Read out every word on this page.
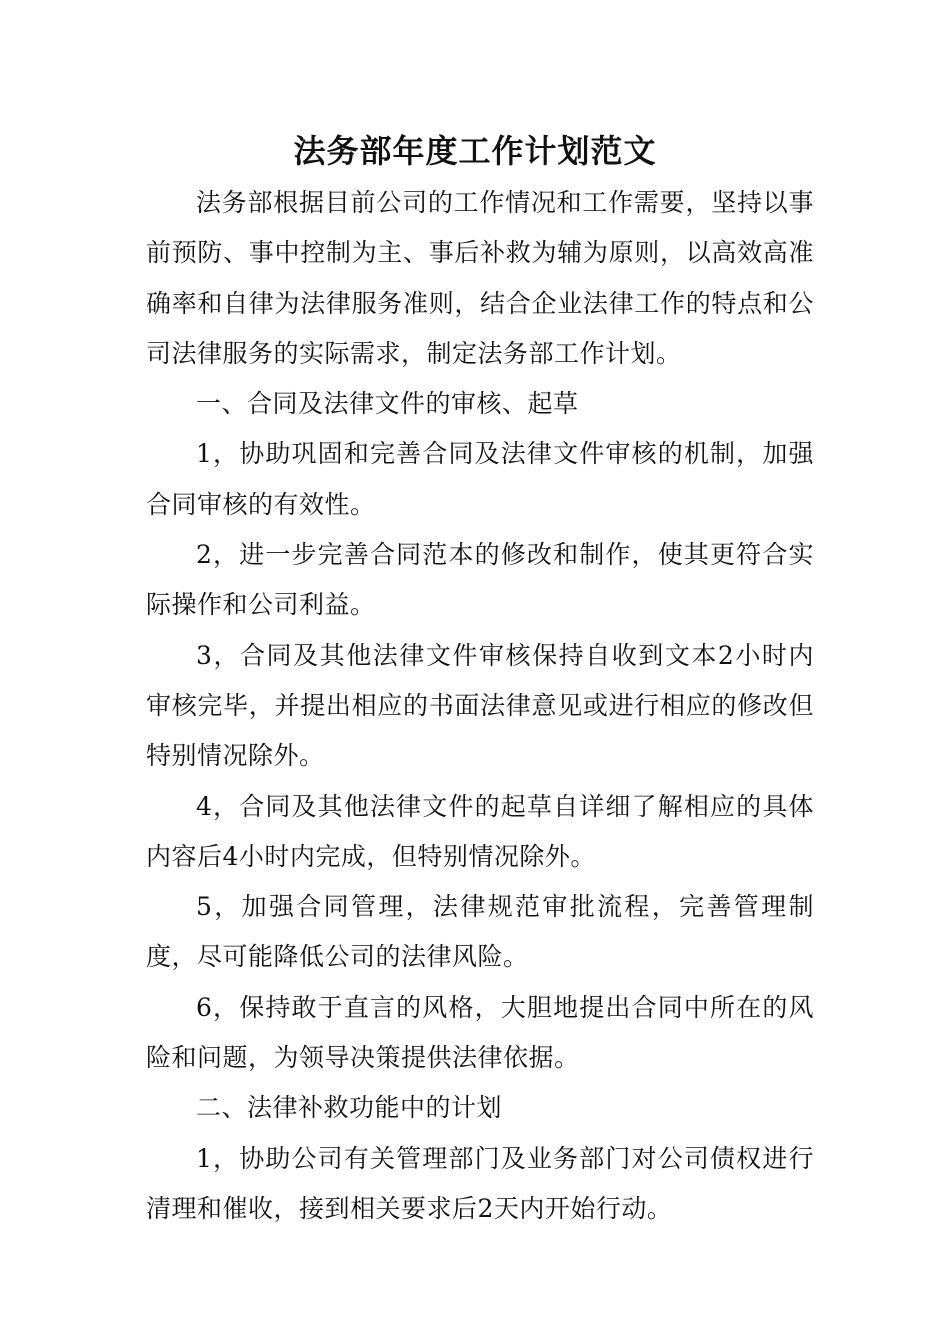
法务部年度工作计划范文

法务部根据目前公司的工作情况和工作需要，坚持以事前预防、事中控制为主、事后补救为辅为原则，以高效高准确率和自律为法律服务准则，结合企业法律工作的特点和公司法律服务的实际需求，制定法务部工作计划。

一、合同及法律文件的审核、起草

1，协助巩固和完善合同及法律文件审核的机制，加强合同审核的有效性。

2，进一步完善合同范本的修改和制作，使其更符合实际操作和公司利益。

3，合同及其他法律文件审核保持自收到文本2小时内审核完毕，并提出相应的书面法律意见或进行相应的修改但特别情况除外。

4，合同及其他法律文件的起草自详细了解相应的具体内容后4小时内完成，但特别情况除外。

5，加强合同管理，法律规范审批流程，完善管理制度，尽可能降低公司的法律风险。

6，保持敢于直言的风格，大胆地提出合同中所在的风险和问题，为领导决策提供法律依据。

二、法律补救功能中的计划

1，协助公司有关管理部门及业务部门对公司债权进行清理和催收，接到相关要求后2天内开始行动。
